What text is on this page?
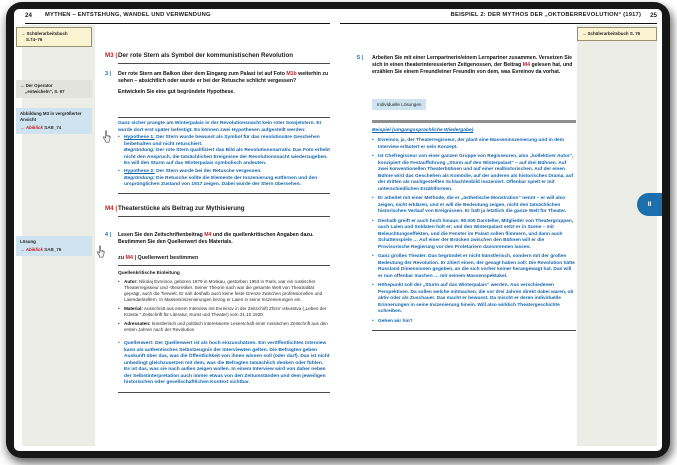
24 MYTHEN – ENTSTEHUNG, WANDEL UND VERWENDUNG	BEISPIEL 2: DER MYTHOS DER „OKTOBERREVOLUTION“ (1917) 25
→ Schülerarbeitsbuch
S.74–76
→ Der Operator
„entwickeln“, S. 97
Abbildung M3 in vergrößerter Ansicht
→ Abiklick SAB_74
Lösung
→ Abiklick SAB_76
M3 | Der rote Stern als Symbol der kommunistischen Revolution
3 | Der rote Stern am Balkon über dem Eingang zum Palast ist auf Foto M1b weiterhin zu sehen – absichtlich oder wurde er bei der Retusche schlicht vergessen?
Entwickeln Sie eine gut begründete Hypothese.
Ganz sicher prangte am Winterpalais in der Revolutionsnacht kein roter Sowjetstern. Er wurde dort erst später befestigt. Es können zwei Hypothesen aufgestellt werden:
•
Hypothese 1: Der Stern wurde bewusst als Symbol für das revolutionäre Geschehen beibehalten und nicht retuschiert.
Begründung: Der rote Stern qualifiziert das Bild als Revolutionsnarrativ. Das Foto erhebt nicht den Anspruch, die tatsächlichen Ereignisse der Revolutionsnacht wiederzugeben. Es will den Sturm auf das Winterpalais symbolisch andeuten.
•
Hypothese 2: Der Stern wurde bei der Retusche vergessen.
Begründung: Die Retusche sollte die Elemente der Inszenierung entfernen und den ursprünglichen Zustand von 1917 zeigen. Dabei wurde der Stern übersehen.
M4 | Theaterstücke als Beitrag zur Mythisierung
4 | Lesen Sie den Zeitschriftenbeitrag M4 und die quellenkritischen Angaben dazu. Bestimmen Sie den Quellenwert des Materials.
zu M4 | Quellenwert bestimmen
Quellenkritische Einleitung
•
Autor: Nikolaj Evreinov, geboren 1879 in Moskau, gestorben 1953 in Paris, war ein russischer Theaterregisseur und -theoretiker. Seiner Theorie nach war die gesamte Welt von Theatralität geprägt, auch die Tierwelt. Er sah deshalb auch keine feste Grenze zwischen professionellen und Laiendarstellern. In Masseninszenierungen bezog er Laien in seine Inszenierungen ein.
•
Material: Ausschnitt aus einem Interview mit Evreinov in der Zeitschrift Zhizn’ iskusstva („Leben der Künste.“ Zeitschrift für Literatur, Kunst und Theater) vom 31.10.1920
•
Adressaten: künstlerisch und politisch interessierte Leserschaft einer russischen Zeitschrift aus den ersten Jahren nach der Revolution
•
Quellenwert: Der Quellenwert ist als hoch einzuschätzen. Ein veröffentlichtes Interview kann als authentisches Selbstzeugnis der Interviewten gelten. Die Befragten geben Auskunft über das, was die Öffentlichkeit von ihnen wissen soll (oder darf). Das ist nicht unbedingt gleichzusetzen mit dem, was die Befragten tatsächlich denken oder fühlen. Es ist das, was sie nach außen zeigen wollen. In einem Interview wird von daher neben der Selbstinterpretation auch immer etwas von den Zeitumständen und dem jeweiligen historischen oder gesellschaftlichen Kontext sichtbar.
→ Schülerarbeitsbuch S. 76
5 | Arbeiten Sie mit einer Lernpartnerin/einem Lernpartner zusammen. Versetzen Sie sich in einen theaterinteressierten Zeitgenossen, der Beitrag M4 gelesen hat, und erzählen Sie einem Freund/einer Freundin von dem, was Evreinov da vorhat.
Individuelle Lösungen
Beispiel (umgangssprachliche Wiedergabe)
•
Evreinov, ja, der Theaterregisseur, der plant eine Masseninszenierung und in dem Interview erläutert er sein Konzept.
•
Ist Chefregisseur von einer ganzen Gruppe von Regisseuren, also „kollektiver Autor“, konzipiert die Festaufführung „Sturm auf den Winterpalast“ – auf drei Bühnen. Auf zwei konventionellen Theaterbühnen und auf einer realhistorischen. Auf der einen Bühne wird das Geschehen als Komödie, auf der anderen als historisches Drama, auf der dritten als nachgestelltes Schlachtenbild inszeniert. Offenbar spielt er mit unterschiedlichen Erzählformen.
•
Er arbeitet mit einer Methode, die er „ästhetische Monstration“ nennt – er will also zeigen, nicht erklären, und er will die Bedeutung zeigen, nicht den tatsächlichen historischen Verlauf von Ereignissen. Er hält ja letztlich die ganze Welt für Theater.
•
Deshalb greift er auch hoch hinaus: 90.000 Darsteller, Mitglieder von Theatergruppen, auch Laien und Soldaten holt er; und den Winterpalast setzt er in Szene – mit Beleuchtungseffekten, und die Fenster im Palast sollen flimmern, und dann auch Schattenspiele … Auf einer der Brücken zwischen den Bühnen will er die Provisorische Regierung vor den Proletariern davonrennen lassen.
•
Ganz großes Theater. Das begründet er nicht künstlerisch, sondern mit der großen Bedeutung der Revolution. Er zitiert einen, der gesagt haben soll: Die Revolution hätte Russland Dimensionen gegeben, an die sich vorher keiner herangewagt hat. Das will er nun offenbar machen … mit seinem Massenspektakel.
•
Höhepunkt soll der „Sturm auf das Winterpalais“ werden. Aus verschiedenen Perspektiven. Da sollen welche mitmachen, die vor drei Jahren direkt dabei waren, ob aktiv oder als Zuschauer. Das macht er bewusst. Da mischt er deren individuelle Erinnerungen in seine Inszenierung hinein. Will also wirklich Theatergeschichte schreiben.
•
Gehen wir hin?
II
